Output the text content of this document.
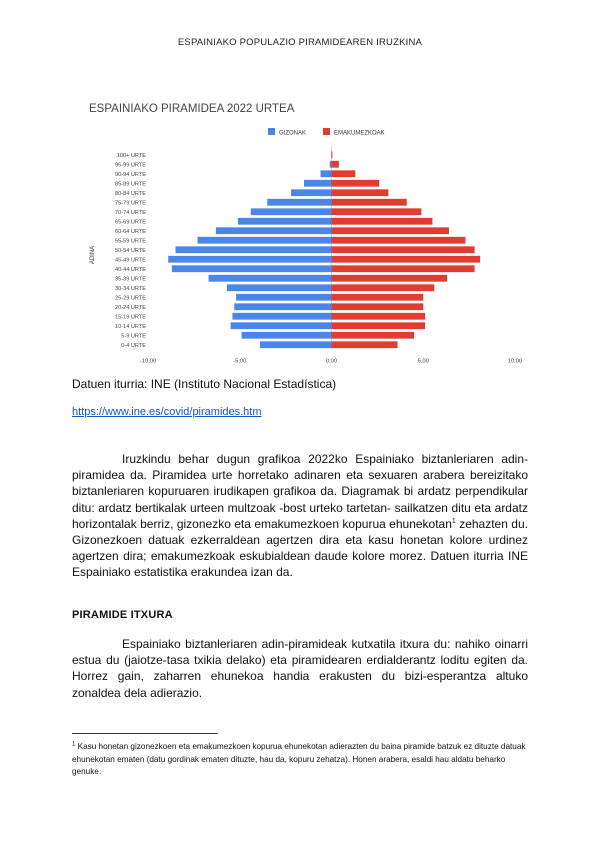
ESPAINIAKO POPULAZIO PIRAMIDEAREN IRUZKINA
ESPAINIAKO PIRAMIDEA 2022 URTEA
GIZONAK	EMAKUMEZKOAK
ADINA
100+ URTE
95-99 URTE
90-94 URTE
85-89 URTE
80-84 URTE
75-79 URTE
70-74 URTE
65-69 URTE
60-64 URTE
55-59 URTE
50-54 URTE
45-49 URTE
40-44 URTE
35-39 URTE
30-34 URTE
25-29 URTE
20-24 URTE
15-19 URTE
10-14 URTE
5-9 URTE
0-4 URTE
-10,00	-5,00	0,00	5,00	10,00
Datuen iturria: INE (Instituto Nacional Estadística)
https://www.ine.es/covid/piramides.htm

Iruzkindu behar dugun grafikoa 2022ko Espainiako biztanleriaren adin-piramidea da. Piramidea urte horretako adinaren eta sexuaren arabera bereizitako biztanleriaren kopuruaren irudikapen grafikoa da. Diagramak bi ardatz perpendikular ditu: ardatz bertikalak urteen multzoak -bost urteko tartetan- sailkatzen ditu eta ardatz horizontalak berriz, gizonezko eta emakumezkoen kopurua ehunekotan$^1$ zehazten du. Gizonezkoen datuak ezkerraldean agertzen dira eta kasu honetan kolore urdinez agertzen dira; emakumezkoak eskubialdean daude kolore morez. Datuen iturria INE Espainiako estatistika erakundea izan da.

PIRAMIDE ITXURA

Espainiako biztanleriaren adin-piramideak kutxatila itxura du: nahiko oinarri estua du (jaiotze-tasa txikia delako) eta piramidearen erdialderantz loditu egiten da. Horrez gain, zaharren ehunekoa handia erakusten du bizi-esperantza altuko zonaldea dela adierazio.

$^1$ Kasu honetan gizonezkoen eta emakumezkoen kopurua ehunekotan adierazten du baina piramide batzuk ez dituzte datuak ehunekotan ematen (datu gordinak ematen dituzte, hau da, kopuru zehatza). Honen arabera, esaldi hau aldatu beharko genuke.
